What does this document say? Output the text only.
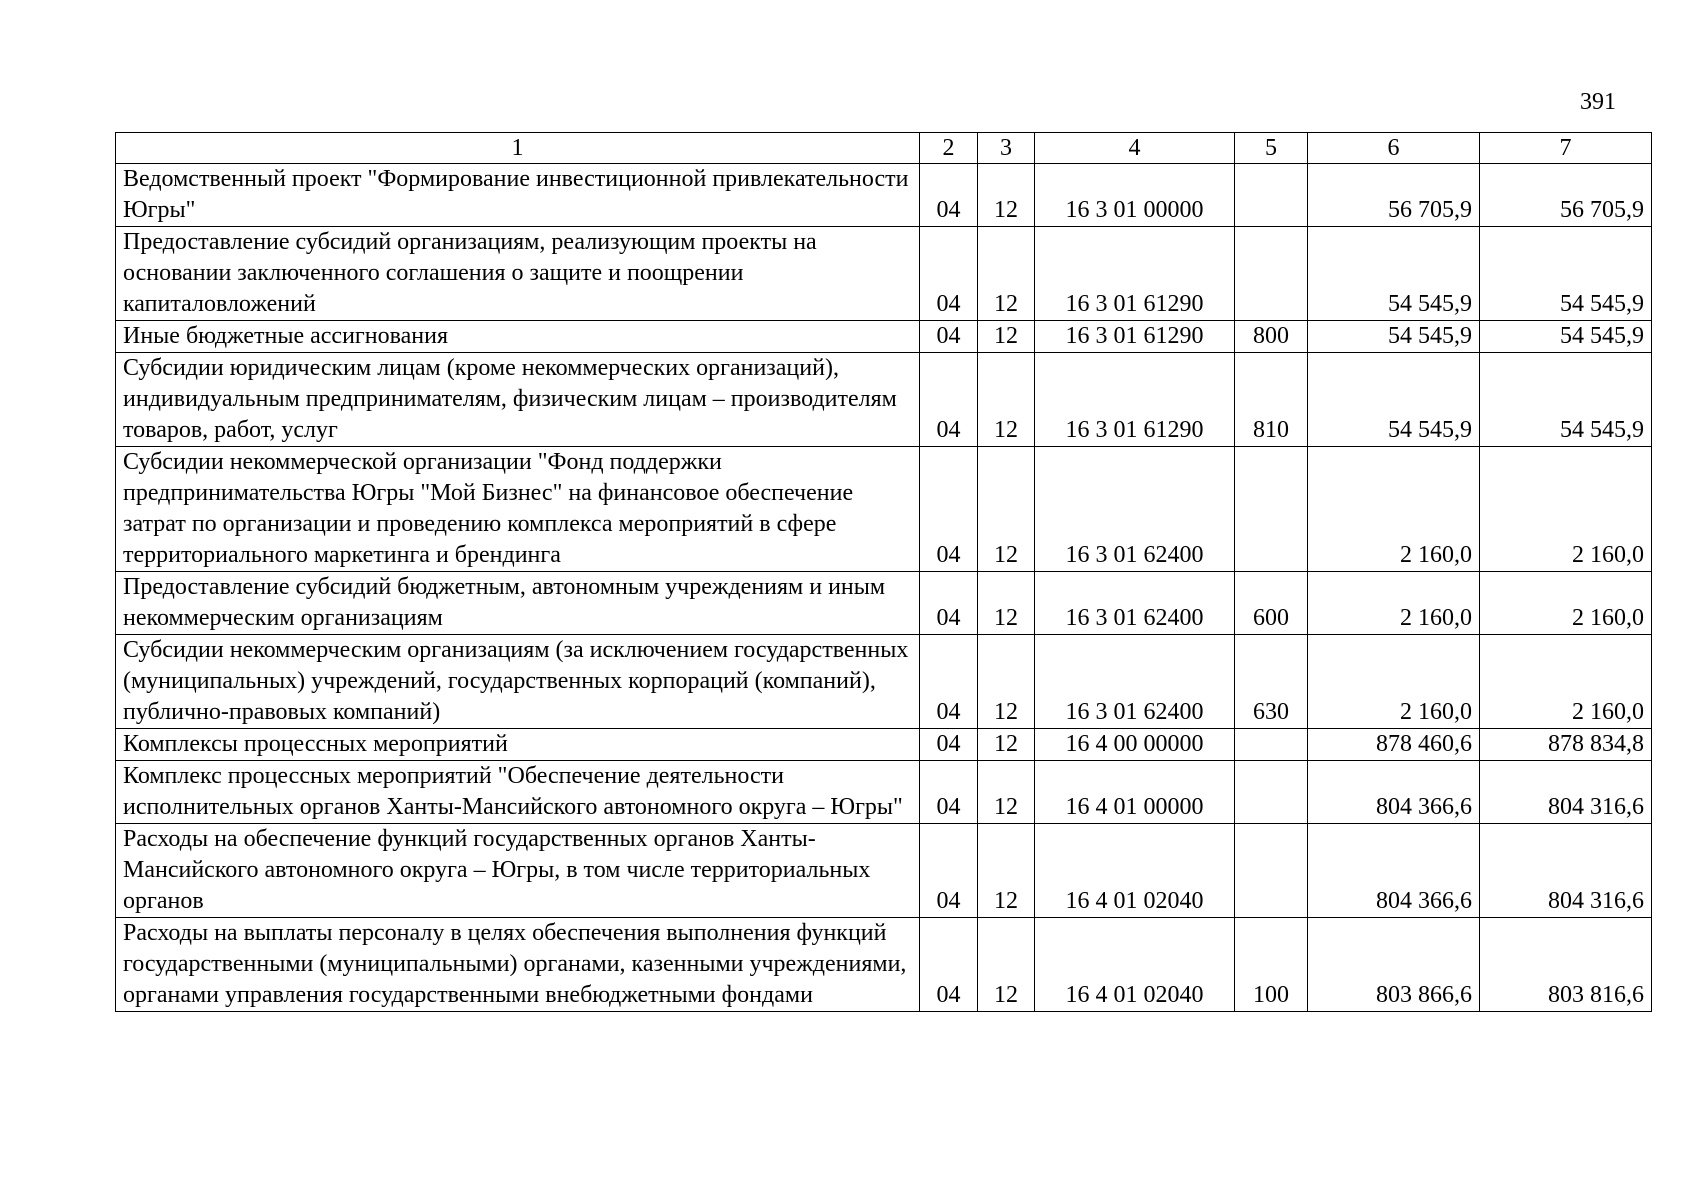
391
1	2	3	4	5	6	7
Ведомственный проект "Формирование инвестиционной привлекательности Югры"	04	12	16 3 01 00000		56 705,9	56 705,9
Предоставление субсидий организациям, реализующим проекты на основании заключенного соглашения о защите и поощрении капиталовложений	04	12	16 3 01 61290		54 545,9	54 545,9
Иные бюджетные ассигнования	04	12	16 3 01 61290	800	54 545,9	54 545,9
Субсидии юридическим лицам (кроме некоммерческих организаций), индивидуальным предпринимателям, физическим лицам – производителям товаров, работ, услуг	04	12	16 3 01 61290	810	54 545,9	54 545,9
Субсидии некоммерческой организации "Фонд поддержки предпринимательства Югры "Мой Бизнес" на финансовое обеспечение затрат по организации и проведению комплекса мероприятий в сфере территориального маркетинга и брендинга	04	12	16 3 01 62400		2 160,0	2 160,0
Предоставление субсидий бюджетным, автономным учреждениям и иным некоммерческим организациям	04	12	16 3 01 62400	600	2 160,0	2 160,0
Субсидии некоммерческим организациям (за исключением государственных (муниципальных) учреждений, государственных корпораций (компаний), публично-правовых компаний)	04	12	16 3 01 62400	630	2 160,0	2 160,0
Комплексы процессных мероприятий	04	12	16 4 00 00000		878 460,6	878 834,8
Комплекс процессных мероприятий "Обеспечение деятельности исполнительных органов Ханты-Мансийского автономного округа – Югры"	04	12	16 4 01 00000		804 366,6	804 316,6
Расходы на обеспечение функций государственных органов Ханты-Мансийского автономного округа – Югры, в том числе территориальных органов	04	12	16 4 01 02040		804 366,6	804 316,6
Расходы на выплаты персоналу в целях обеспечения выполнения функций государственными (муниципальными) органами, казенными учреждениями, органами управления государственными внебюджетными фондами	04	12	16 4 01 02040	100	803 866,6	803 816,6
